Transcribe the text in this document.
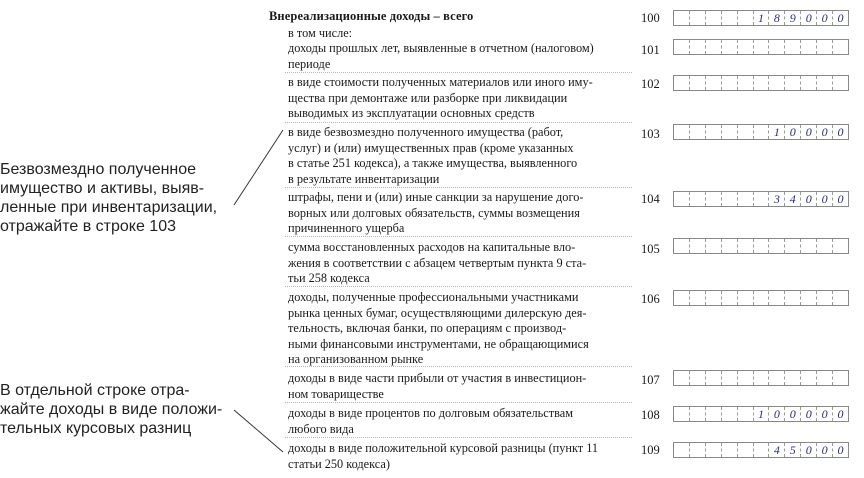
Безвозмездно полученное
имущество и активы, выяв-
ленные при инвентаризации,
отражайте в строке 103
В отдельной строке отра-
жайте доходы в виде положи-
тельных курсовых разниц
Внереализационные доходы – всего	100	1 8 9 0 0 0
в том числе:
доходы прошлых лет, выявленные в отчетном (налоговом)
периоде
101
в виде стоимости полученных материалов или иного иму-
щества при демонтаже или разборке при ликвидации
выводимых из эксплуатации основных средств
102
в виде безвозмездно полученного имущества (работ,
услуг) и (или) имущественных прав (кроме указанных
в статье 251 кодекса), а также имущества, выявленного
в результате инвентаризации
103	1 0 0 0 0
штрафы, пени и (или) иные санкции за нарушение дого-
ворных или долговых обязательств, суммы возмещения
причиненного ущерба
104	3 4 0 0 0
сумма восстановленных расходов на капитальные вло-
жения в соответствии с абзацем четвертым пункта 9 ста-
тьи 258 кодекса
105
доходы, полученные профессиональными участниками
рынка ценных бумаг, осуществляющими дилерскую дея-
тельность, включая банки, по операциям с производ-
ными финансовыми инструментами, не обращающимися
на организованном рынке
106
доходы в виде части прибыли от участия в инвестицион-
ном товариществе
107
доходы в виде процентов по долговым обязательствам
любого вида
108	1 0 0 0 0 0
доходы в виде положительной курсовой разницы (пункт 11
статьи 250 кодекса)
109	4 5 0 0 0
